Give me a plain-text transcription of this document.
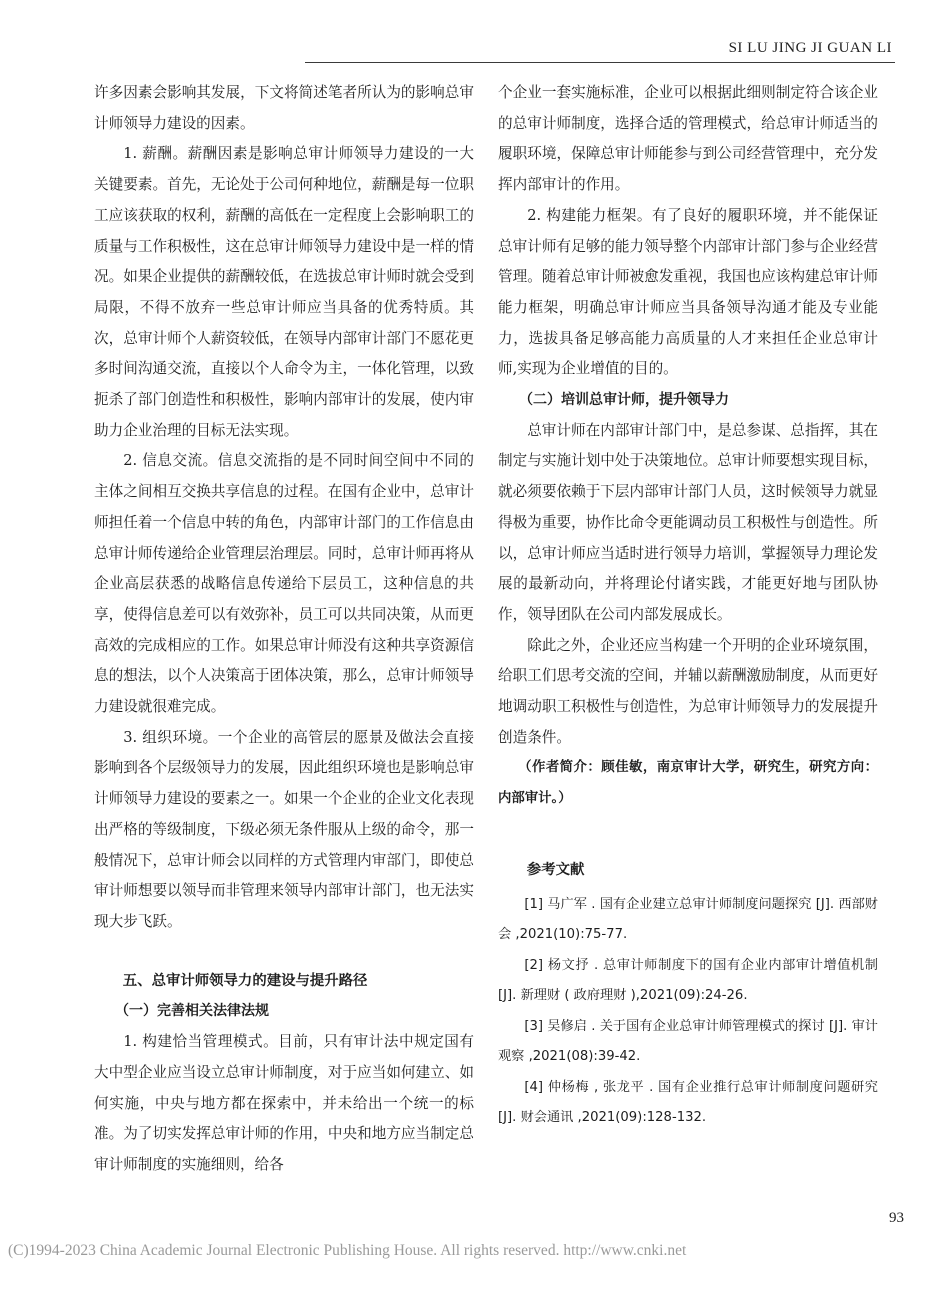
SI LU JING JI GUAN LI

许多因素会影响其发展，下文将简述笔者所认为的影响总审计师领导力建设的因素。

1. 薪酬。薪酬因素是影响总审计师领导力建设的一大关键要素。首先，无论处于公司何种地位，薪酬是每一位职工应该获取的权利，薪酬的高低在一定程度上会影响职工的质量与工作积极性，这在总审计师领导力建设中是一样的情况。如果企业提供的薪酬较低，在选拔总审计师时就会受到局限，不得不放弃一些总审计师应当具备的优秀特质。其次，总审计师个人薪资较低，在领导内部审计部门不愿花更多时间沟通交流，直接以个人命令为主，一体化管理，以致扼杀了部门创造性和积极性，影响内部审计的发展，使内审助力企业治理的目标无法实现。

2. 信息交流。信息交流指的是不同时间空间中不同的主体之间相互交换共享信息的过程。在国有企业中，总审计师担任着一个信息中转的角色，内部审计部门的工作信息由总审计师传递给企业管理层治理层。同时，总审计师再将从企业高层获悉的战略信息传递给下层员工，这种信息的共享，使得信息差可以有效弥补，员工可以共同决策，从而更高效的完成相应的工作。如果总审计师没有这种共享资源信息的想法，以个人决策高于团体决策，那么，总审计师领导力建设就很难完成。

3. 组织环境。一个企业的高管层的愿景及做法会直接影响到各个层级领导力的发展，因此组织环境也是影响总审计师领导力建设的要素之一。如果一个企业的企业文化表现出严格的等级制度，下级必须无条件服从上级的命令，那一般情况下，总审计师会以同样的方式管理内审部门，即使总审计师想要以领导而非管理来领导内部审计部门，也无法实现大步飞跃。

五、总审计师领导力的建设与提升路径

（一）完善相关法律法规

1. 构建恰当管理模式。目前，只有审计法中规定国有大中型企业应当设立总审计师制度，对于应当如何建立、如何实施，中央与地方都在探索中，并未给出一个统一的标准。为了切实发挥总审计师的作用，中央和地方应当制定总审计师制度的实施细则，给各

个企业一套实施标准，企业可以根据此细则制定符合该企业的总审计师制度，选择合适的管理模式，给总审计师适当的履职环境，保障总审计师能参与到公司经营管理中，充分发挥内部审计的作用。

2. 构建能力框架。有了良好的履职环境，并不能保证总审计师有足够的能力领导整个内部审计部门参与企业经营管理。随着总审计师被愈发重视，我国也应该构建总审计师能力框架，明确总审计师应当具备领导沟通才能及专业能力，选拔具备足够高能力高质量的人才来担任企业总审计师,实现为企业增值的目的。

（二）培训总审计师，提升领导力

总审计师在内部审计部门中，是总参谋、总指挥，其在制定与实施计划中处于决策地位。总审计师要想实现目标，就必须要依赖于下层内部审计部门人员，这时候领导力就显得极为重要，协作比命令更能调动员工积极性与创造性。所以，总审计师应当适时进行领导力培训，掌握领导力理论发展的最新动向，并将理论付诸实践，才能更好地与团队协作，领导团队在公司内部发展成长。

除此之外，企业还应当构建一个开明的企业环境氛围，给职工们思考交流的空间，并辅以薪酬激励制度，从而更好地调动职工积极性与创造性，为总审计师领导力的发展提升创造条件。

（作者简介：顾佳敏，南京审计大学，研究生，研究方向：内部审计。）

参考文献

[1] 马广军 . 国有企业建立总审计师制度问题探究 [J]. 西部财会 ,2021(10):75-77.

[2] 杨文抒 . 总审计师制度下的国有企业内部审计增值机制 [J]. 新理财 ( 政府理财 ),2021(09):24-26.

[3] 吴修启 . 关于国有企业总审计师管理模式的探讨 [J]. 审计观察 ,2021(08):39-42.

[4] 仲杨梅 , 张龙平 . 国有企业推行总审计师制度问题研究 [J]. 财会通讯 ,2021(09):128-132.

93
(C)1994-2023 China Academic Journal Electronic Publishing House. All rights reserved. http://www.cnki.net
